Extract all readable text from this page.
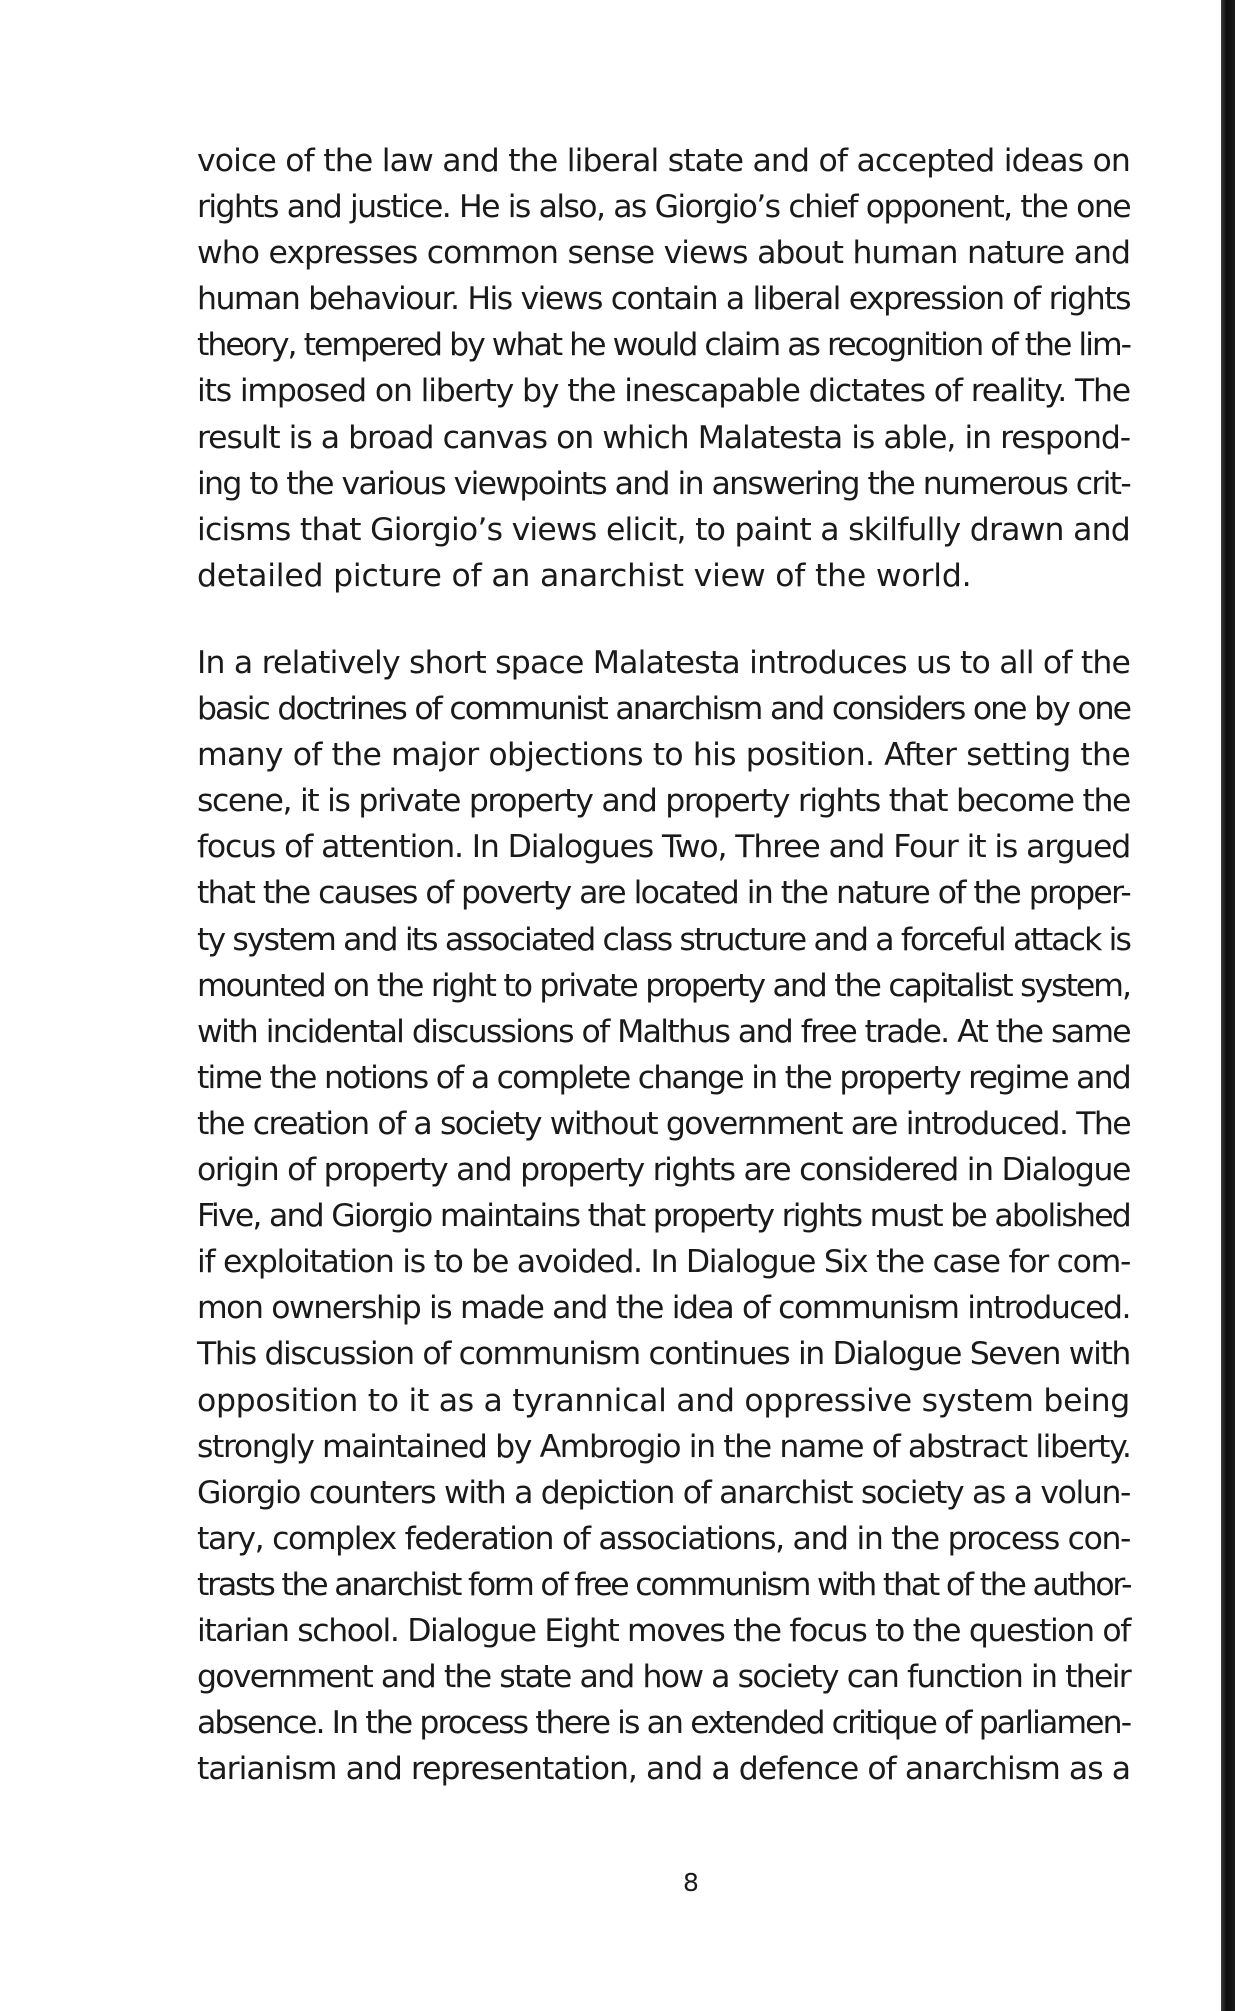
voice of the law and the liberal state and of accepted ideas on
rights and justice. He is also, as Giorgio’s chief opponent, the one
who expresses common sense views about human nature and
human behaviour. His views contain a liberal expression of rights
theory, tempered by what he would claim as recognition of the lim-
its imposed on liberty by the inescapable dictates of reality. The
result is a broad canvas on which Malatesta is able, in respond-
ing to the various viewpoints and in answering the numerous crit-
icisms that Giorgio’s views elicit, to paint a skilfully drawn and
detailed picture of an anarchist view of the world.
In a relatively short space Malatesta introduces us to all of the
basic doctrines of communist anarchism and considers one by one
many of the major objections to his position. After setting the
scene, it is private property and property rights that become the
focus of attention. In Dialogues Two, Three and Four it is argued
that the causes of poverty are located in the nature of the proper-
ty system and its associated class structure and a forceful attack is
mounted on the right to private property and the capitalist system,
with incidental discussions of Malthus and free trade. At the same
time the notions of a complete change in the property regime and
the creation of a society without government are introduced. The
origin of property and property rights are considered in Dialogue
Five, and Giorgio maintains that property rights must be abolished
if exploitation is to be avoided. In Dialogue Six the case for com-
mon ownership is made and the idea of communism introduced.
This discussion of communism continues in Dialogue Seven with
opposition to it as a tyrannical and oppressive system being
strongly maintained by Ambrogio in the name of abstract liberty.
Giorgio counters with a depiction of anarchist society as a volun-
tary, complex federation of associations, and in the process con-
trasts the anarchist form of free communism with that of the author-
itarian school. Dialogue Eight moves the focus to the question of
government and the state and how a society can function in their
absence. In the process there is an extended critique of parliamen-
tarianism and representation, and a defence of anarchism as a
8
